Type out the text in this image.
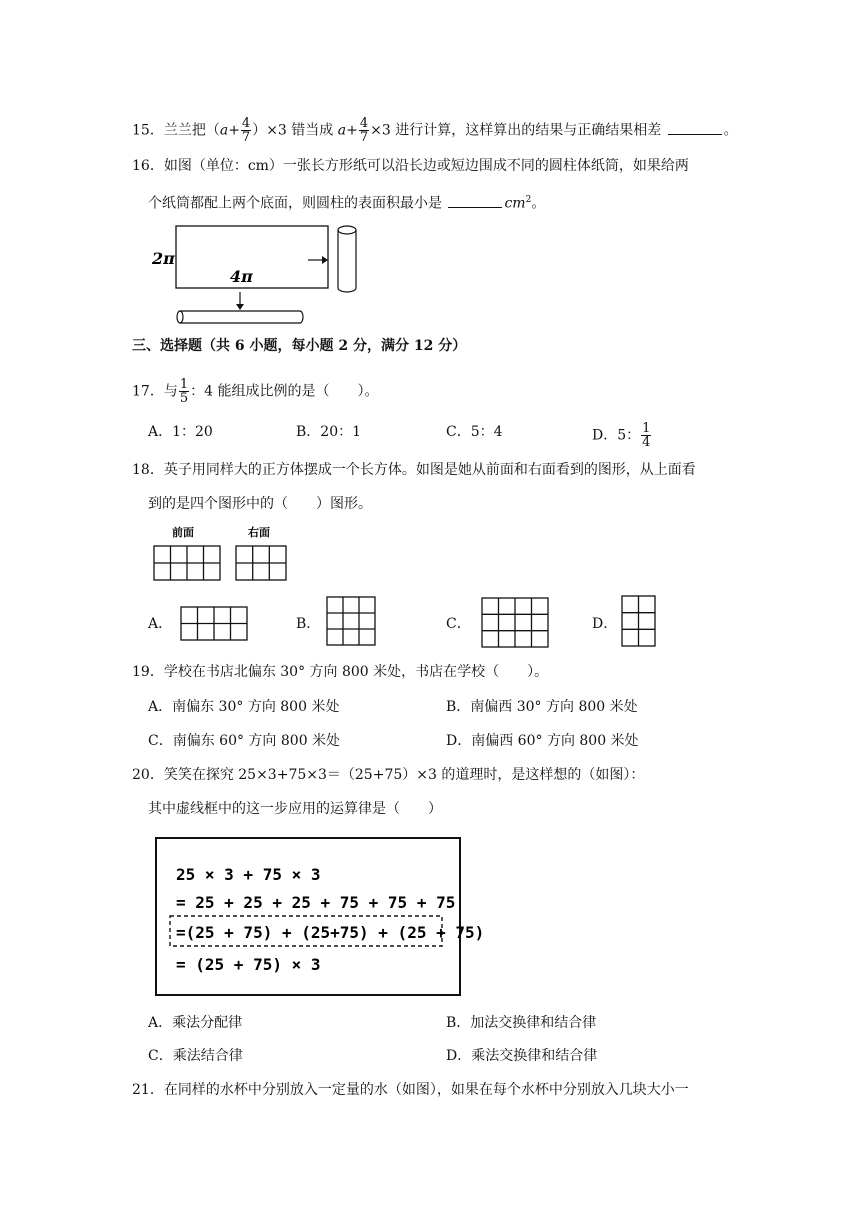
15．兰兰把$(a+ \frac{4}{7} )\times 3$ 错当成 $a+ \frac{4}{7} \times 3$ 进行计算，这样算出的结果与正确结果相差	。
16．如图（单位：cm）一张长方形纸可以沿长边或短边围成不同的圆柱体纸筒，如果给两
个纸筒都配上两个底面，则圆柱的表面积最小是	$cm^2$。
2π
4π
三、选择题（共 6 小题，每小题 2 分，满分 12 分）
17．与 $\frac{1}{5}$ ：4 能组成比例的是（　　）。
A．1：20	B．20：1	C．5：4	D．5： $\frac{1}{4}$
18．英子用同样大的正方体摆成一个长方体。如图是她从前面和右面看到的图形，从上面看
到的是四个图形中的（　　）图形。
前面	右面
A．	B．	C．	D．
19．学校在书店北偏东 30° 方向 800 米处，书店在学校（　　）。
A．南偏东 30° 方向 800 米处	B．南偏西 30° 方向 800 米处
C．南偏东 60° 方向 800 米处	D．南偏西 60° 方向 800 米处
20．笑笑在探究 25×3+75×3＝（25+75）×3 的道理时，是这样想的（如图）：
其中虚线框中的这一步应用的运算律是（　　）
25 × 3 + 75 × 3
= 25 + 25 + 25 + 75 + 75 + 75
=(25 + 75) + (25+75) + (25 + 75)
= (25 + 75) × 3
A．乘法分配律	B．加法交换律和结合律
C．乘法结合律	D．乘法交换律和结合律
21．在同样的水杯中分别放入一定量的水（如图），如果在每个水杯中分别放入几块大小一
